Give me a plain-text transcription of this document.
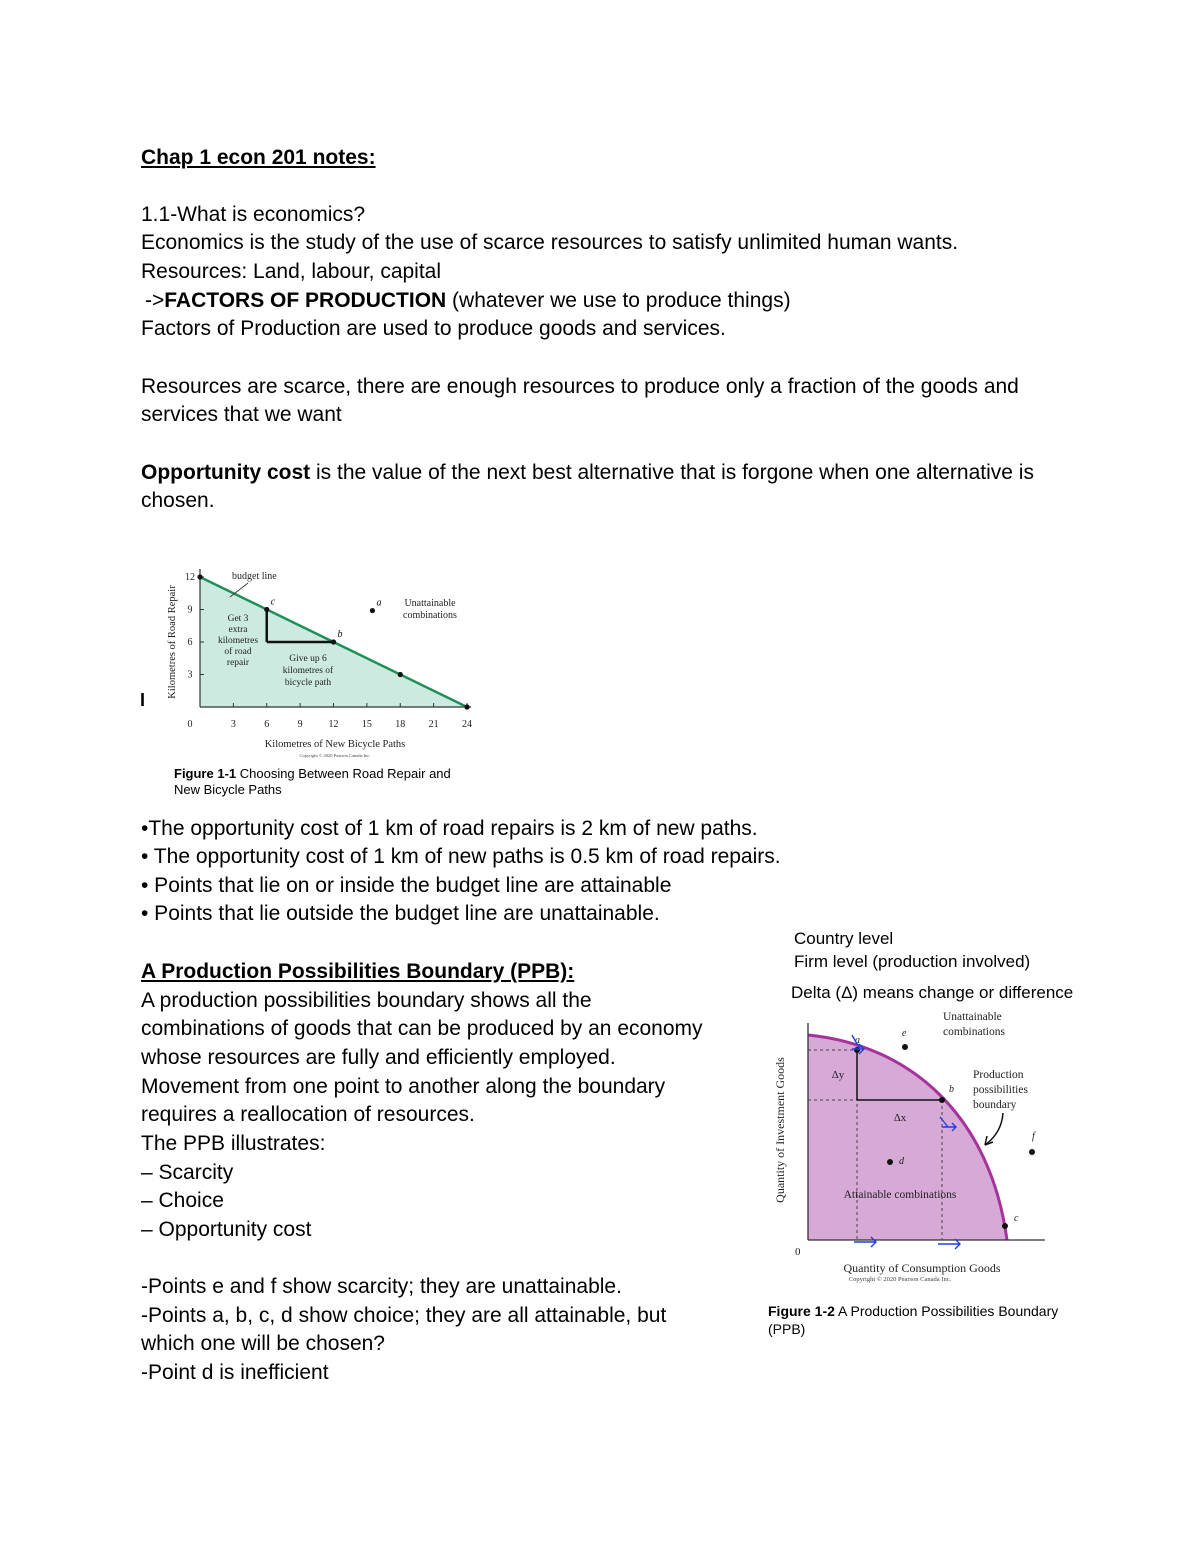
Chap 1 econ 201 notes:
1.1-What is economics?
Economics is the study of the use of scarce resources to satisfy unlimited human wants.
Resources: Land, labour, capital
->FACTORS OF PRODUCTION (whatever we use to produce things)
Factors of Production are used to produce goods and services.
Resources are scarce, there are enough resources to produce only a fraction of the goods and
services that we want
Opportunity cost is the value of the next best alternative that is forgone when one alternative is
chosen.
I
0	3	6	9	12 15 18 21 24
3
6
9
12
c
b
a
budget line
Unattainable
combinations
Get 3
extra
kilometres
of road
repair	Give up 6
kilometres of
bicycle path
Kilometres of New Bicycle Paths
Kilometres of Road Repair
Copyright © 2020 Pearson Canada Inc.
Figure 1-1 Choosing Between Road Repair and
New Bicycle Paths
•The opportunity cost of 1 km of road repairs is 2 km of new paths.
• The opportunity cost of 1 km of new paths is 0.5 km of road repairs.
• Points that lie on or inside the budget line are attainable
• Points that lie outside the budget line are unattainable.
A Production Possibilities Boundary (PPB):
A production possibilities boundary shows all the
combinations of goods that can be produced by an economy
whose resources are fully and efficiently employed.
Movement from one point to another along the boundary
requires a reallocation of resources.
The PPB illustrates:
– Scarcity
– Choice
– Opportunity cost
-Points e and f show scarcity; they are unattainable.
-Points a, b, c, d show choice; they are all attainable, but
which one will be chosen?
-Point d is inefficient
Country level
Firm level (production involved)
Delta (Δ) means change or difference
0
a
b
c
d
e
f
Δy
Δx
Unattainable
combinations
Production
possibilities
boundary
Attainable combinations
Quantity of Consumption Goods
Quantity of Investment Goods
Copyright © 2020 Pearson Canada Inc.
Figure 1-2 A Production Possibilities Boundary
(PPB)
